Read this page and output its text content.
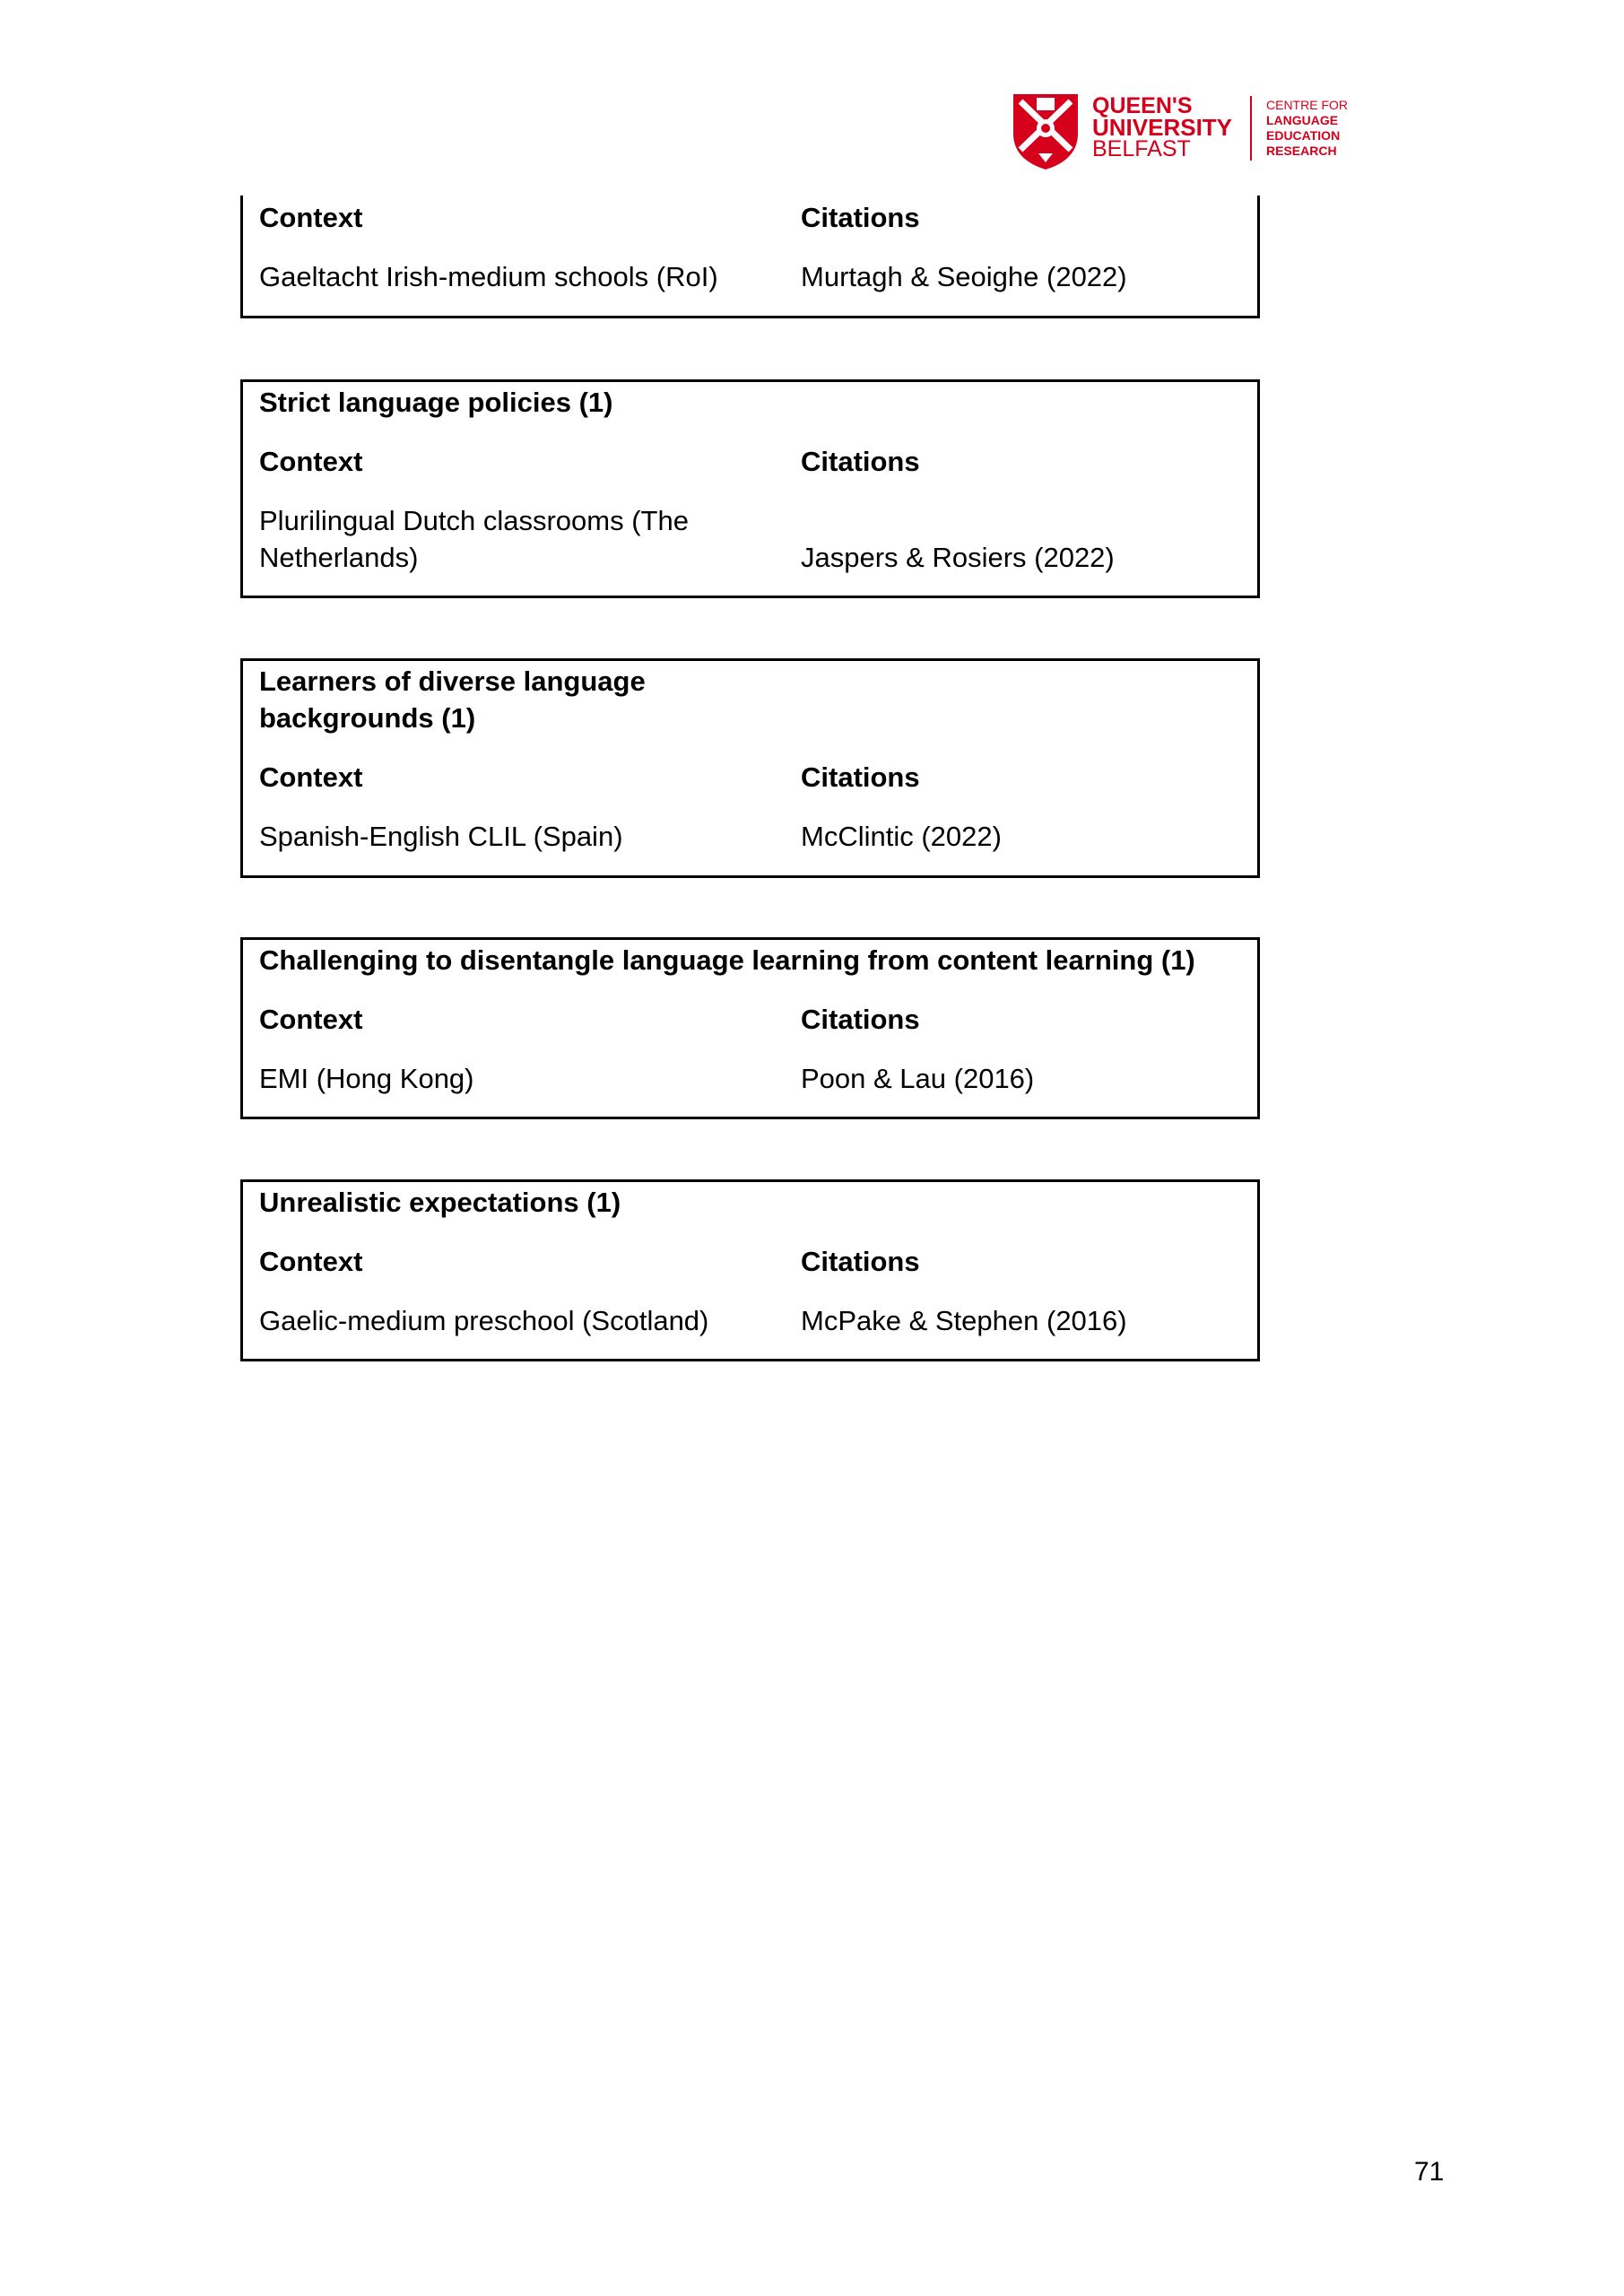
QUEEN'S
UNIVERSITY
BELFAST
CENTRE FOR
LANGUAGE
EDUCATION
RESEARCH
Context	Citations
Gaeltacht Irish-medium schools (RoI)	Murtagh & Seoighe (2022)
Strict language policies (1)
Context	Citations
Plurilingual Dutch classrooms (The Netherlands)	Jaspers & Rosiers (2022)
Learners of diverse language backgrounds (1)
Context	Citations
Spanish-English CLIL (Spain)	McClintic (2022)
Challenging to disentangle language learning from content learning (1)
Context	Citations
EMI (Hong Kong)	Poon & Lau (2016)
Unrealistic expectations (1)
Context	Citations
Gaelic-medium preschool (Scotland)	McPake & Stephen (2016)
71
